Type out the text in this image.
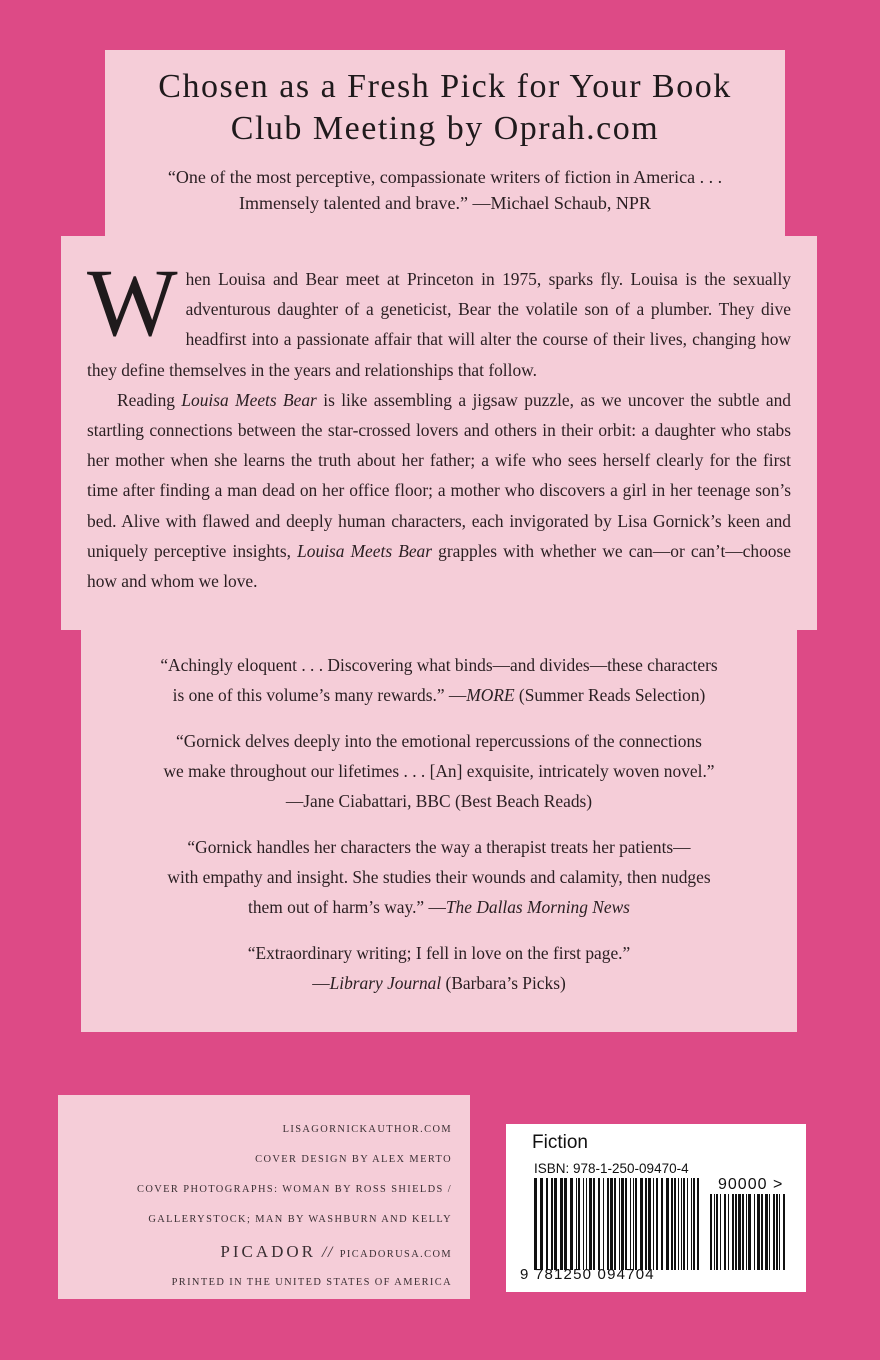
Chosen as a Fresh Pick for Your Book
Club Meeting by Oprah.com
“One of the most perceptive, compassionate writers of fiction in America . . .
Immensely talented and brave.” —Michael Schaub, NPR

When Louisa and Bear meet at Princeton in 1975, sparks fly. Louisa is the sexually adventurous daughter of a geneticist, Bear the volatile son of a plumber. They dive headfirst into a passionate affair that will alter the course of their lives, changing how they define themselves in the years and relationships that follow.

Reading Louisa Meets Bear is like assembling a jigsaw puzzle, as we uncover the subtle and startling connections between the star-crossed lovers and others in their orbit: a daughter who stabs her mother when she learns the truth about her father; a wife who sees herself clearly for the first time after finding a man dead on her office floor; a mother who discovers a girl in her teenage son’s bed. Alive with flawed and deeply human characters, each invigorated by Lisa Gornick’s keen and uniquely perceptive insights, Louisa Meets Bear grapples with whether we can—or can’t—choose how and whom we love.

“Achingly eloquent . . . Discovering what binds—and divides—these characters
is one of this volume’s many rewards.” —MORE (Summer Reads Selection)
“Gornick delves deeply into the emotional repercussions of the connections
we make throughout our lifetimes . . . [An] exquisite, intricately woven novel.”
—Jane Ciabattari, BBC (Best Beach Reads)
“Gornick handles her characters the way a therapist treats her patients—
with empathy and insight. She studies their wounds and calamity, then nudges
them out of harm’s way.” —The Dallas Morning News
“Extraordinary writing; I fell in love on the first page.”
—Library Journal (Barbara’s Picks)
LISAGORNICKAUTHOR.COM
COVER DESIGN BY ALEX MERTO
COVER PHOTOGRAPHS: WOMAN BY ROSS SHIELDS /
GALLERYSTOCK; MAN BY WASHBURN AND KELLY
PICADOR // PICADORUSA.COM
PRINTED IN THE UNITED STATES OF AMERICA
Fiction
ISBN: 978-1-250-09470-4
90000 >
9 781250 094704
